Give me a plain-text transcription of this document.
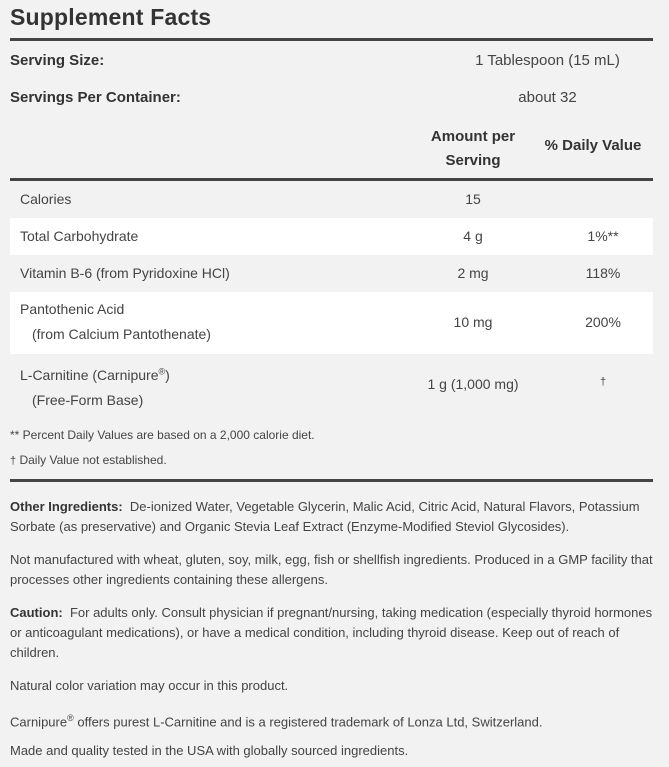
Supplement Facts
Serving Size:	1 Tablespoon (15 mL)
Servings Per Container:	about 32
Amount per
Serving
% Daily Value
Calories	15
Total Carbohydrate	4 g	1%**
Vitamin B-6 (from Pyridoxine HCl)	2 mg	118%
Pantothenic Acid
(from Calcium Pantothenate)
10 mg	200%
L-Carnitine (Carnipure®)
(Free-Form Base)
1 g (1,000 mg)	†
** Percent Daily Values are based on a 2,000 calorie diet.
† Daily Value not established.
Other Ingredients: De-ionized Water, Vegetable Glycerin, Malic Acid, Citric Acid, Natural Flavors, Potassium Sorbate (as preservative) and Organic Stevia Leaf Extract (Enzyme-Modified Steviol Glycosides).
Not manufactured with wheat, gluten, soy, milk, egg, fish or shellfish ingredients. Produced in a GMP facility that processes other ingredients containing these allergens.
Caution: For adults only. Consult physician if pregnant/nursing, taking medication (especially thyroid hormones or anticoagulant medications), or have a medical condition, including thyroid disease. Keep out of reach of children.
Natural color variation may occur in this product.
Carnipure® offers purest L-Carnitine and is a registered trademark of Lonza Ltd, Switzerland.
Made and quality tested in the USA with globally sourced ingredients.
